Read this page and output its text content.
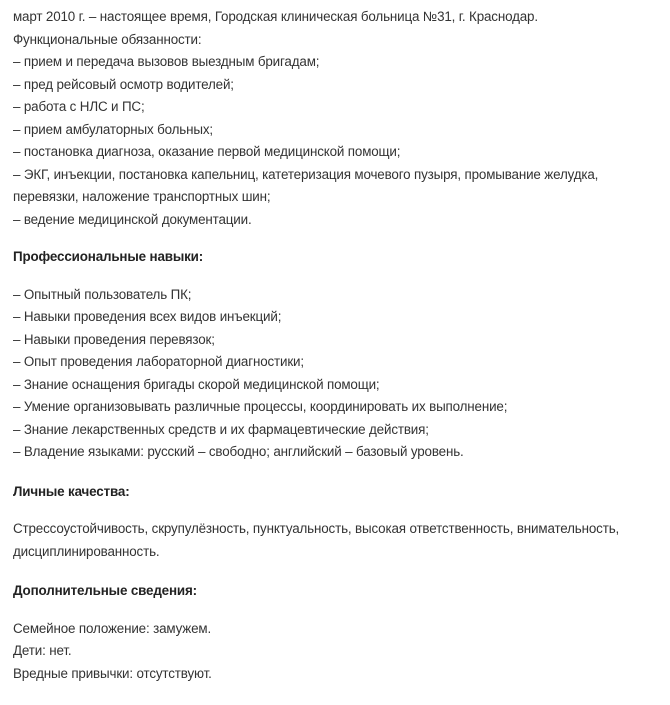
март 2010 г. – настоящее время, Городская клиническая больница №31, г. Краснодар.

Функциональные обязанности:

– прием и передача вызовов выездным бригадам;

– пред рейсовый осмотр водителей;

– работа с НЛС и ПС;

– прием амбулаторных больных;

– постановка диагноза, оказание первой медицинской помощи;

– ЭКГ, инъекции, постановка капельниц, катетеризация мочевого пузыря, промывание желудка, перевязки, наложение транспортных шин;

– ведение медицинской документации.

Профессиональные навыки:

– Опытный пользователь ПК;

– Навыки проведения всех видов инъекций;

– Навыки проведения перевязок;

– Опыт проведения лабораторной диагностики;

– Знание оснащения бригады скорой медицинской помощи;

– Умение организовывать различные процессы, координировать их выполнение;

– Знание лекарственных средств и их фармацевтические действия;

– Владение языками: русский – свободно; английский – базовый уровень.

Личные качества:

Стрессоустойчивость, скрупулёзность, пунктуальность, высокая ответственность, внимательность, дисциплинированность.

Дополнительные сведения:

Семейное положение: замужем.

Дети: нет.

Вредные привычки: отсутствуют.
